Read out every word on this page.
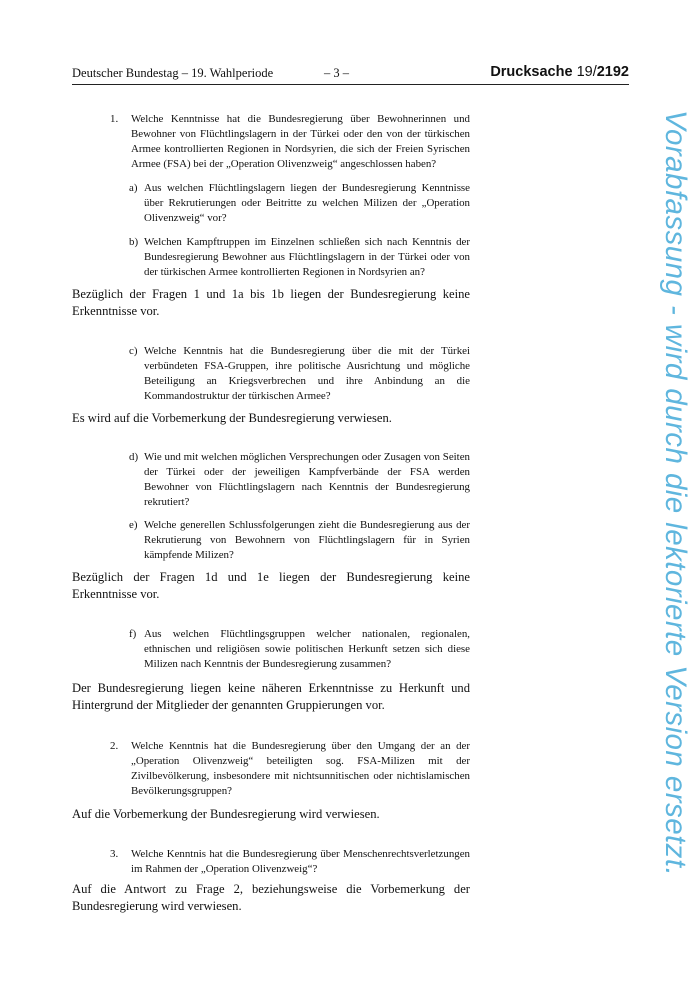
Deutscher Bundestag – 19. Wahlperiode	– 3 –	Drucksache 19/2192
1. Welche Kenntnisse hat die Bundesregierung über Bewohnerinnen und Bewohner von Flüchtlingslagern in der Türkei oder den von der türkischen Armee kontrollierten Regionen in Nordsyrien, die sich der Freien Syrischen Armee (FSA) bei der „Operation Olivenzweig“ angeschlossen haben?
a) Aus welchen Flüchtlingslagern liegen der Bundesregierung Kenntnisse über Rekrutierungen oder Beitritte zu welchen Milizen der „Operation Olivenzweig“ vor?
b) Welchen Kampftruppen im Einzelnen schließen sich nach Kenntnis der Bundesregierung Bewohner aus Flüchtlingslagern in der Türkei oder von der türkischen Armee kontrollierten Regionen in Nordsyrien an?

Bezüglich der Fragen 1 und 1a bis 1b liegen der Bundesregierung keine Erkenntnisse vor.

c) Welche Kenntnis hat die Bundesregierung über die mit der Türkei verbündeten FSA-Gruppen, ihre politische Ausrichtung und mögliche Beteiligung an Kriegsverbrechen und ihre Anbindung an die Kommandostruktur der türkischen Armee?

Es wird auf die Vorbemerkung der Bundesregierung verwiesen.

d) Wie und mit welchen möglichen Versprechungen oder Zusagen von Seiten der Türkei oder der jeweiligen Kampfverbände der FSA werden Bewohner von Flüchtlingslagern nach Kenntnis der Bundesregierung rekrutiert?
e) Welche generellen Schlussfolgerungen zieht die Bundesregierung aus der Rekrutierung von Bewohnern von Flüchtlingslagern für in Syrien kämpfende Milizen?

Bezüglich der Fragen 1d und 1e liegen der Bundesregierung keine Erkenntnisse vor.

f) Aus welchen Flüchtlingsgruppen welcher nationalen, regionalen, ethnischen und religiösen sowie politischen Herkunft setzen sich diese Milizen nach Kenntnis der Bundesregierung zusammen?

Der Bundesregierung liegen keine näheren Erkenntnisse zu Herkunft und Hintergrund der Mitglieder der genannten Gruppierungen vor.

2. Welche Kenntnis hat die Bundesregierung über den Umgang der an der „Operation Olivenzweig“ beteiligten sog. FSA-Milizen mit der Zivilbevölkerung, insbesondere mit nichtsunnitischen oder nichtislamischen Bevölkerungsgruppen?

Auf die Vorbemerkung der Bundesregierung wird verwiesen.

3. Welche Kenntnis hat die Bundesregierung über Menschenrechtsverletzungen im Rahmen der „Operation Olivenzweig“?

Auf die Antwort zu Frage 2, beziehungsweise die Vorbemerkung der Bundesregierung wird verwiesen.

Vorabfassung - wird durch die lektorierte Version ersetzt.
